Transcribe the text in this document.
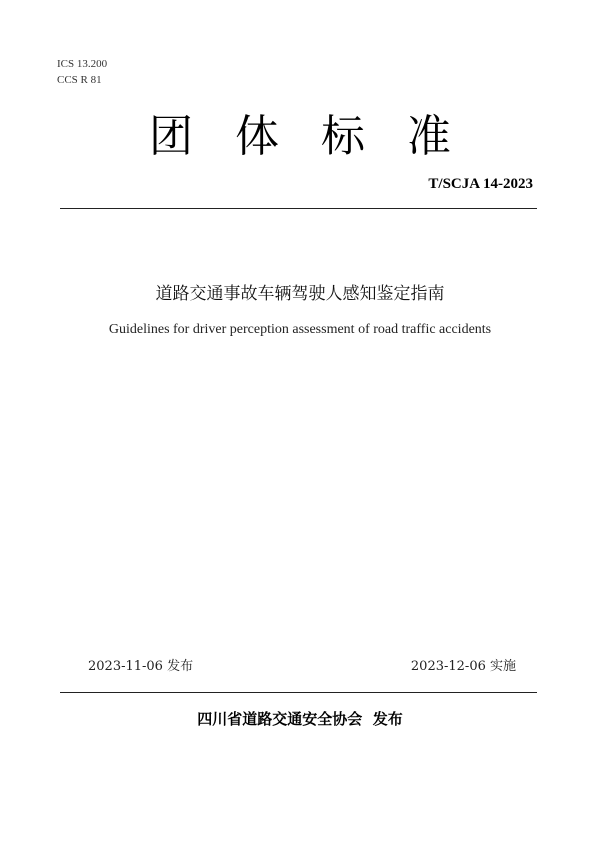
ICS 13.200
CCS R 81
团体标准
T/SCJA 14-2023
道路交通事故车辆驾驶人感知鉴定指南
Guidelines for driver perception assessment of road traffic accidents
2023-11-06 发布	2023-12-06 实施
四川省道路交通安全协会  发布
